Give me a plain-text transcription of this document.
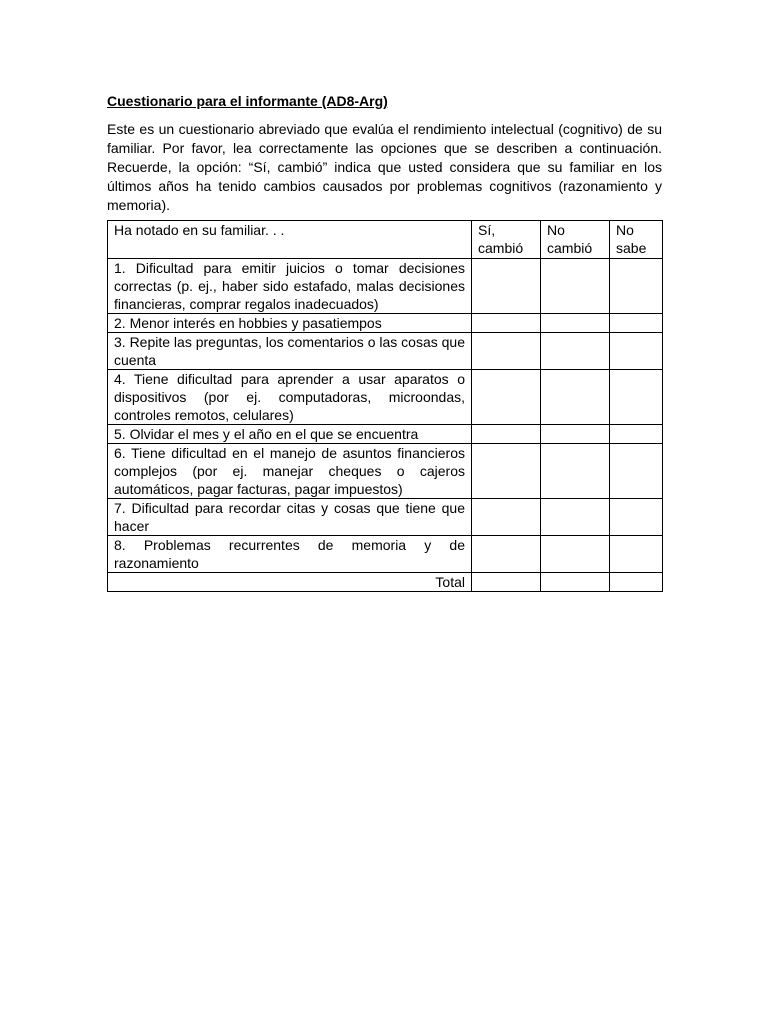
Cuestionario para el informante (AD8-Arg)

Este es un cuestionario abreviado que evalúa el rendimiento intelectual (cognitivo) de su familiar. Por favor, lea correctamente las opciones que se describen a continuación. Recuerde, la opción: “Sí, cambió” indica que usted considera que su familiar en los últimos años ha tenido cambios causados por problemas cognitivos (razonamiento y memoria).

Ha notado en su familiar. . .	Sí, cambió	No cambió	No sabe
1. Dificultad para emitir juicios o tomar decisiones correctas (p. ej., haber sido estafado, malas decisiones financieras, comprar regalos inadecuados)			
2. Menor interés en hobbies y pasatiempos			
3. Repite las preguntas, los comentarios o las cosas que cuenta			
4. Tiene dificultad para aprender a usar aparatos o dispositivos (por ej. computadoras, microondas, controles remotos, celulares)			
5. Olvidar el mes y el año en el que se encuentra			
6. Tiene dificultad en el manejo de asuntos financieros complejos (por ej. manejar cheques o cajeros automáticos, pagar facturas, pagar impuestos)			
7. Dificultad para recordar citas y cosas que tiene que hacer			
8. Problemas recurrentes de memoria y de razonamiento			
Total			
